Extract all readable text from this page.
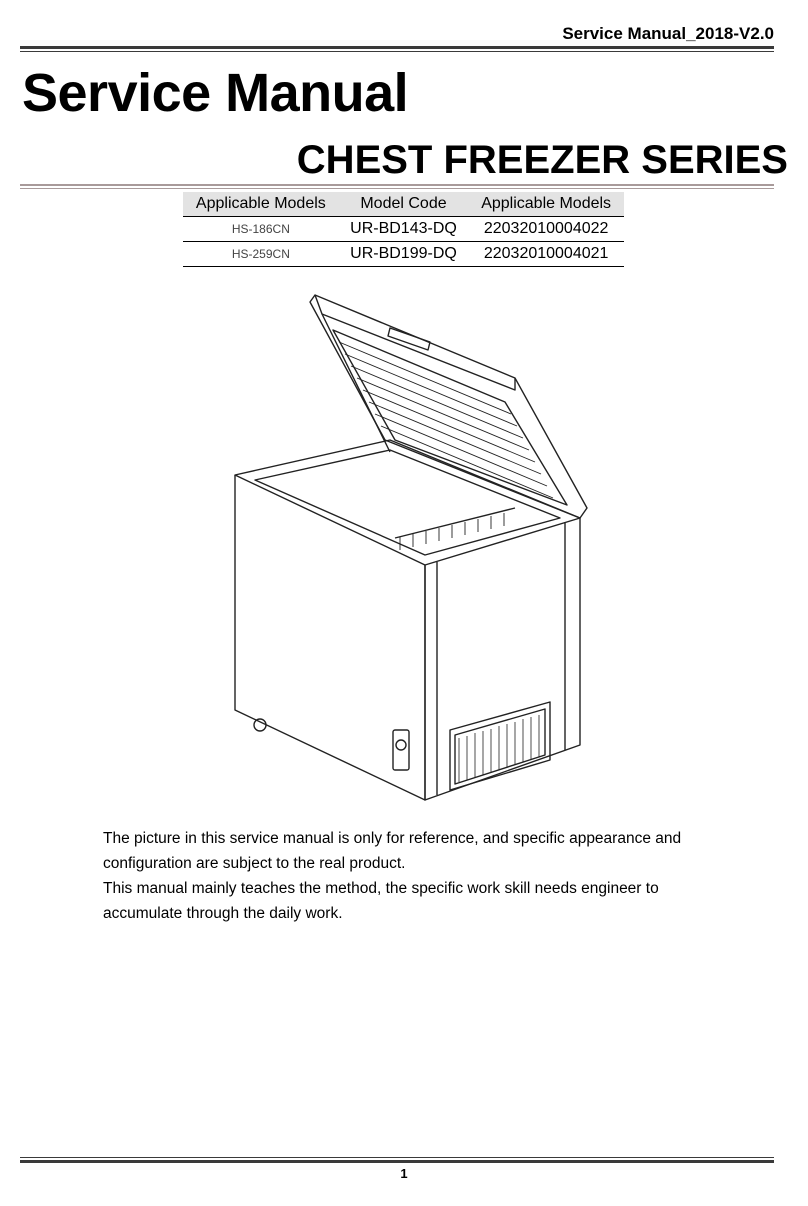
Service Manual_2018-V2.0
Service Manual
CHEST FREEZER SERIES
Applicable Models	Model Code	Applicable Models
HS-186CN	UR-BD143-DQ	22032010004022
HS-259CN	UR-BD199-DQ	22032010004021

The picture in this service manual is only for reference, and specific appearance and configuration are subject to the real product.

This manual mainly teaches the method, the specific work skill needs engineer to accumulate through the daily work.

1
